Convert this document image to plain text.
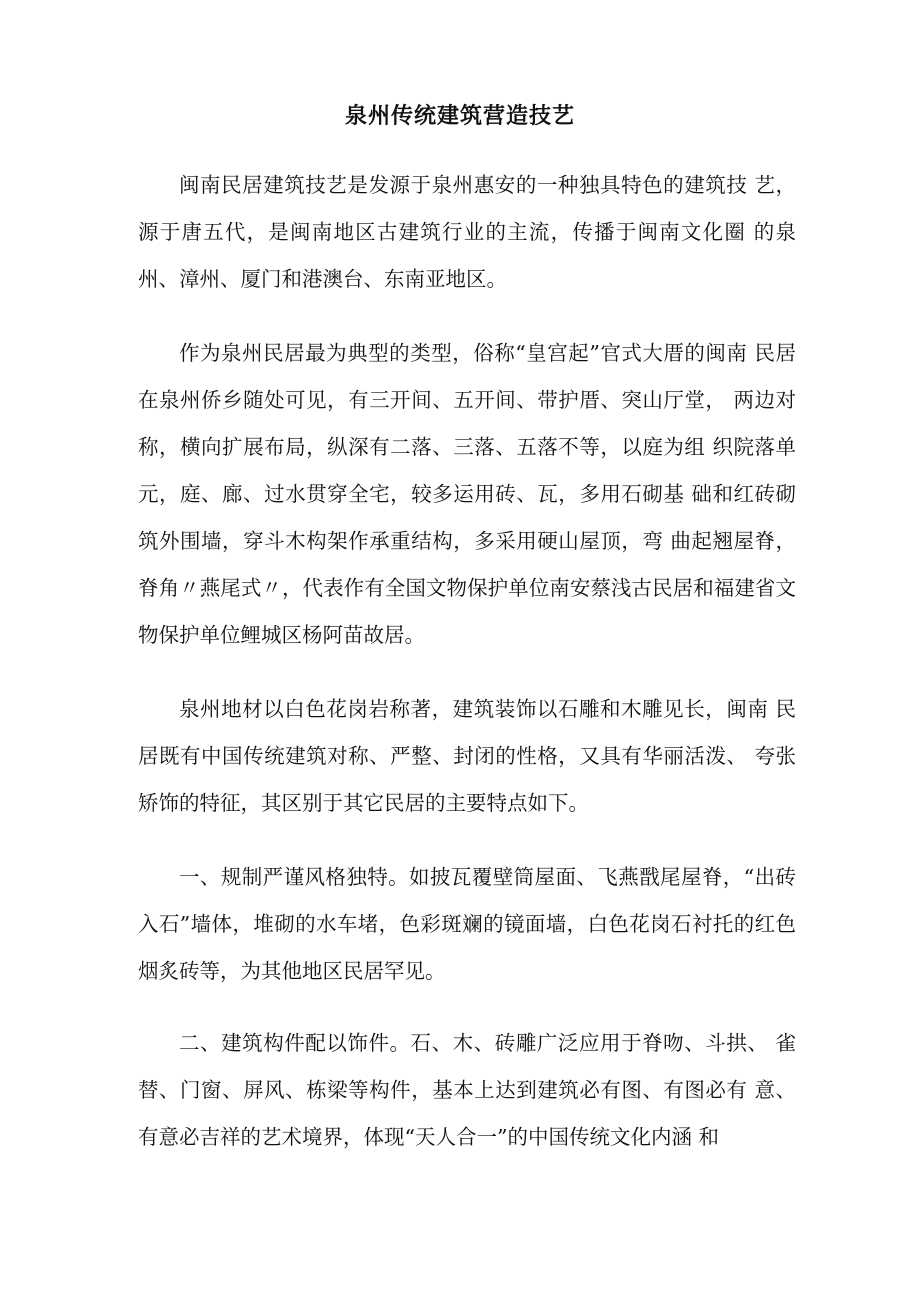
泉州传统建筑营造技艺

闽南民居建筑技艺是发源于泉州惠安的一种独具特色的建筑技 艺，源于唐五代，是闽南地区古建筑行业的主流，传播于闽南文化圈 的泉州、漳州、厦门和港澳台、东南亚地区。

作为泉州民居最为典型的类型，俗称“皇宫起”官式大厝的闽南 民居在泉州侨乡随处可见，有三开间、五开间、带护厝、突山厅堂， 两边对称，横向扩展布局，纵深有二落、三落、五落不等，以庭为组 织院落单元，庭、廊、过水贯穿全宅，较多运用砖、瓦，多用石砌基 础和红砖砌筑外围墙，穿斗木构架作承重结构，多采用硬山屋顶，弯 曲起翘屋脊，脊角〃燕尾式〃，代表作有全国文物保护单位南安蔡浅古民居和福建省文物保护单位鲤城区杨阿苗故居。

泉州地材以白色花岗岩称著，建筑装饰以石雕和木雕见长，闽南 民居既有中国传统建筑对称、严整、封闭的性格，又具有华丽活泼、 夸张矫饰的特征，其区别于其它民居的主要特点如下。

一、规制严谨风格独特。如披瓦覆壁筒屋面、飞燕戬尾屋脊，“出砖入石”墙体，堆砌的水车堵，色彩斑斓的镜面墙，白色花岗石衬托的红色烟炙砖等，为其他地区民居罕见。

二、建筑构件配以饰件。石、木、砖雕广泛应用于脊吻、斗拱、 雀替、门窗、屏风、栋梁等构件，基本上达到建筑必有图、有图必有 意、有意必吉祥的艺术境界，体现“天人合一”的中国传统文化内涵 和
